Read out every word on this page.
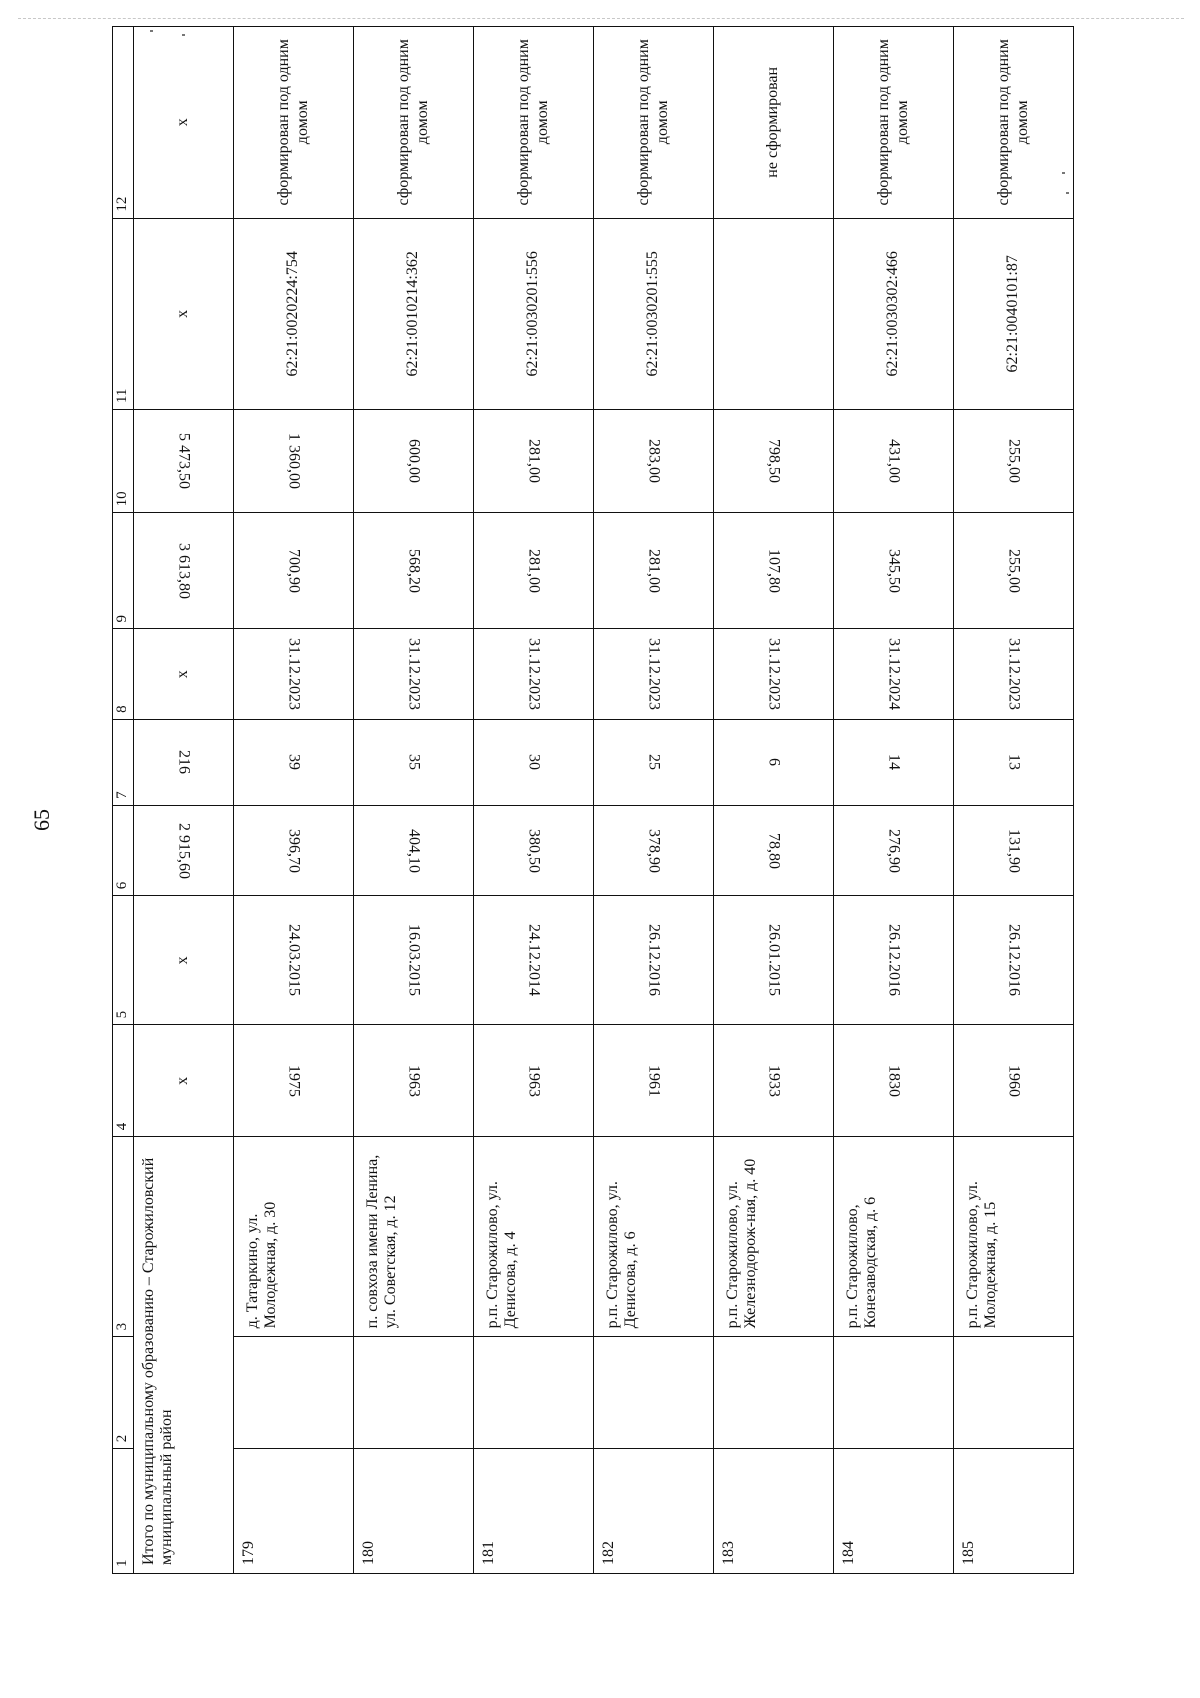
65
1	2	3	4	5	6	7	8	9	10	11	12
Итого по муниципальному образованию – Старожиловский муниципальный район			x	x	2 915,60	216	x	3 613,80	5 473,50	x	x
179		д. Татаркино, ул. Молодежная, д. 30	1975	24.03.2015	396,70	39	31.12.2023	700,90	1 360,00	62:21:0020224:754	сформирован под одним домом
180		п. совхоза имени Ленина, ул. Советская, д. 12	1963	16.03.2015	404,10	35	31.12.2023	568,20	600,00	62:21:0010214:362	сформирован под одним домом
181		р.п. Старожилово, ул. Денисова, д. 4	1963	24.12.2014	380,50	30	31.12.2023	281,00	281,00	62:21:0030201:556	сформирован под одним домом
182		р.п. Старожилово, ул. Денисова, д. 6	1961	26.12.2016	378,90	25	31.12.2023	281,00	283,00	62:21:0030201:555	сформирован под одним домом
183		р.п. Старожилово, ул. Железнодорож-ная, д. 40	1933	26.01.2015	78,80	6	31.12.2023	107,80	798,50		не сформирован
184		р.п. Старожилово, Конезаводская, д. 6	1830	26.12.2016	276,90	14	31.12.2024	345,50	431,00	62:21:0030302:466	сформирован под одним домом
185		р.п. Старожилово, ул. Молодежная, д. 15	1960	26.12.2016	131,90	13	31.12.2023	255,00	255,00	62:21:0040101:87	сформирован под одним домом
